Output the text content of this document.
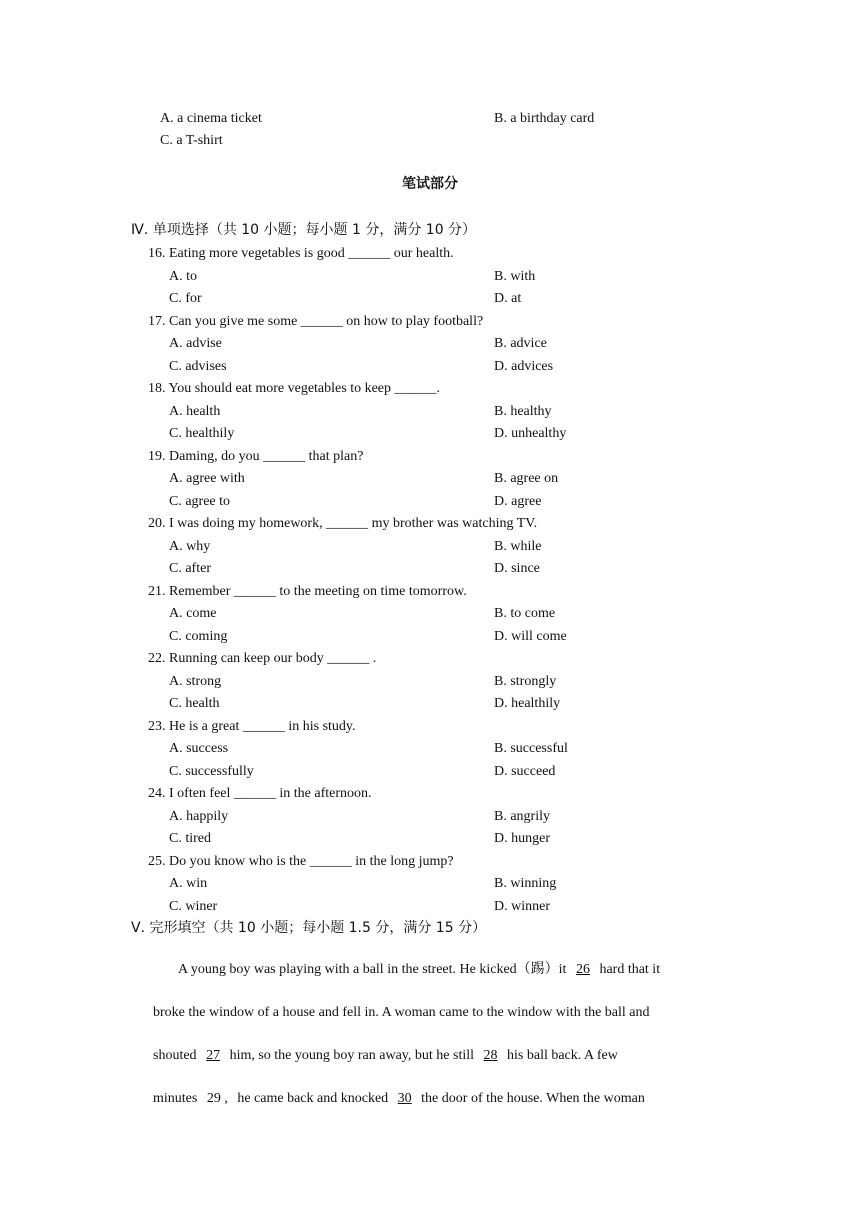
A. a cinema ticket	B. a birthday card
C. a T-shirt
笔试部分
Ⅳ. 单项选择（共 10 小题；每小题 1 分，满分 10 分）
16. Eating more vegetables is good ______ our health.
A. to	B. with
C. for	D. at
17. Can you give me some ______ on how to play football?
A. advise	B. advice
C. advises	D. advices
18. You should eat more vegetables to keep ______.
A. health	B. healthy
C. healthily	D. unhealthy
19. Daming, do you ______ that plan?
A. agree with	B. agree on
C. agree to	D. agree
20. I was doing my homework, ______ my brother was watching TV.
A. why	B. while
C. after	D. since
21. Remember ______ to the meeting on time tomorrow.
A. come	B. to come
C. coming	D. will come
22. Running can keep our body ______ .
A. strong	B. strongly
C. health	D. healthily
23. He is a great ______ in his study.
A. success	B. successful
C. successfully	D. succeed
24. I often feel ______ in the afternoon.
A. happily	B. angrily
C. tired	D. hunger
25. Do you know who is the ______ in the long jump?
A. win	B. winning
C. winer	D. winner
Ⅴ. 完形填空（共 10 小题；每小题 1.5 分，满分 15 分）
A young boy was playing with a ball in the street. He kicked（踢）it 26 hard that it
broke the window of a house and fell in. A woman came to the window with the ball and
shouted 27 him, so the young boy ran away, but he still 28 his ball back. A few
minutes 29 , he came back and knocked 30 the door of the house. When the woman
